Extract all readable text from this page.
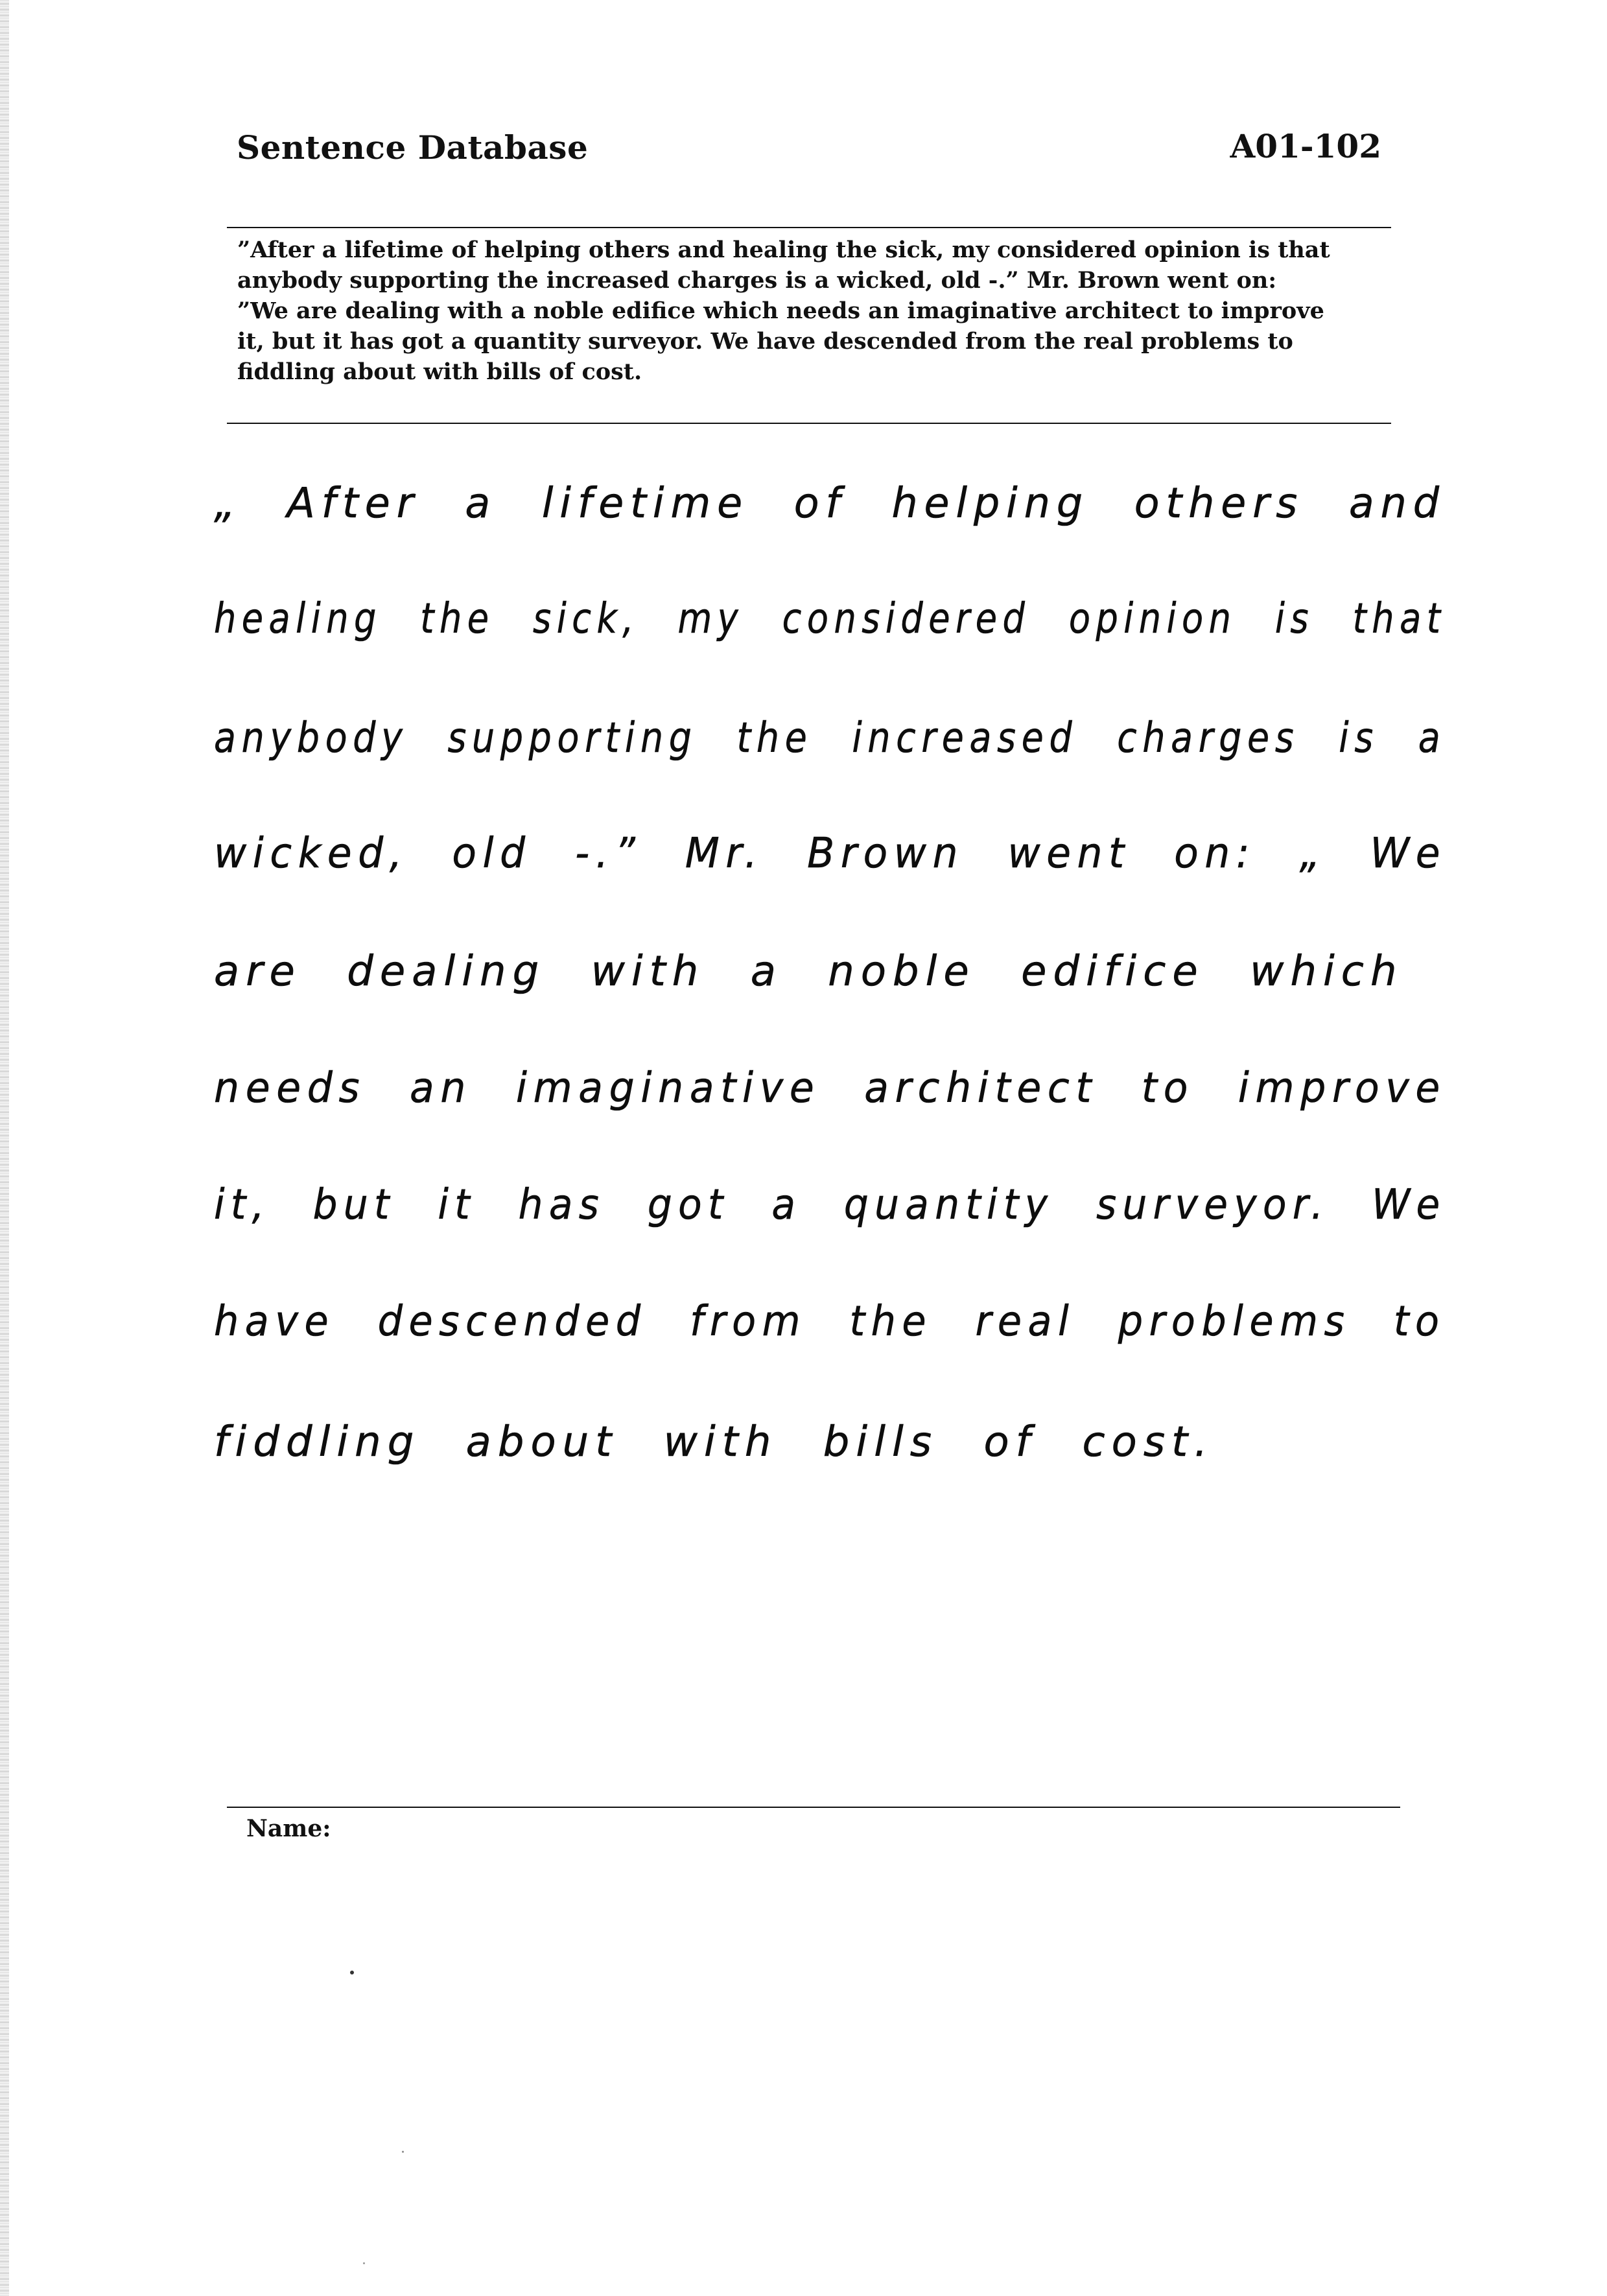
Sentence Database	A01-102
”After a lifetime of helping others and healing the sick, my considered opinion is that
anybody supporting the increased charges is a wicked, old -.” Mr. Brown went on:
”We are dealing with a noble edifice which needs an imaginative architect to improve
it, but it has got a quantity surveyor. We have descended from the real problems to
fiddling about with bills of cost.
„ After a lifetime of helping others and
healing the sick, my considered opinion is that
anybody supporting the increased charges is a
wicked, old -.” Mr. Brown went on: „ We
are dealing with a noble edifice which
needs an imaginative architect to improve
it, but it has got a quantity surveyor. We
have descended from the real problems to
fiddling about with bills of cost.
Name:
